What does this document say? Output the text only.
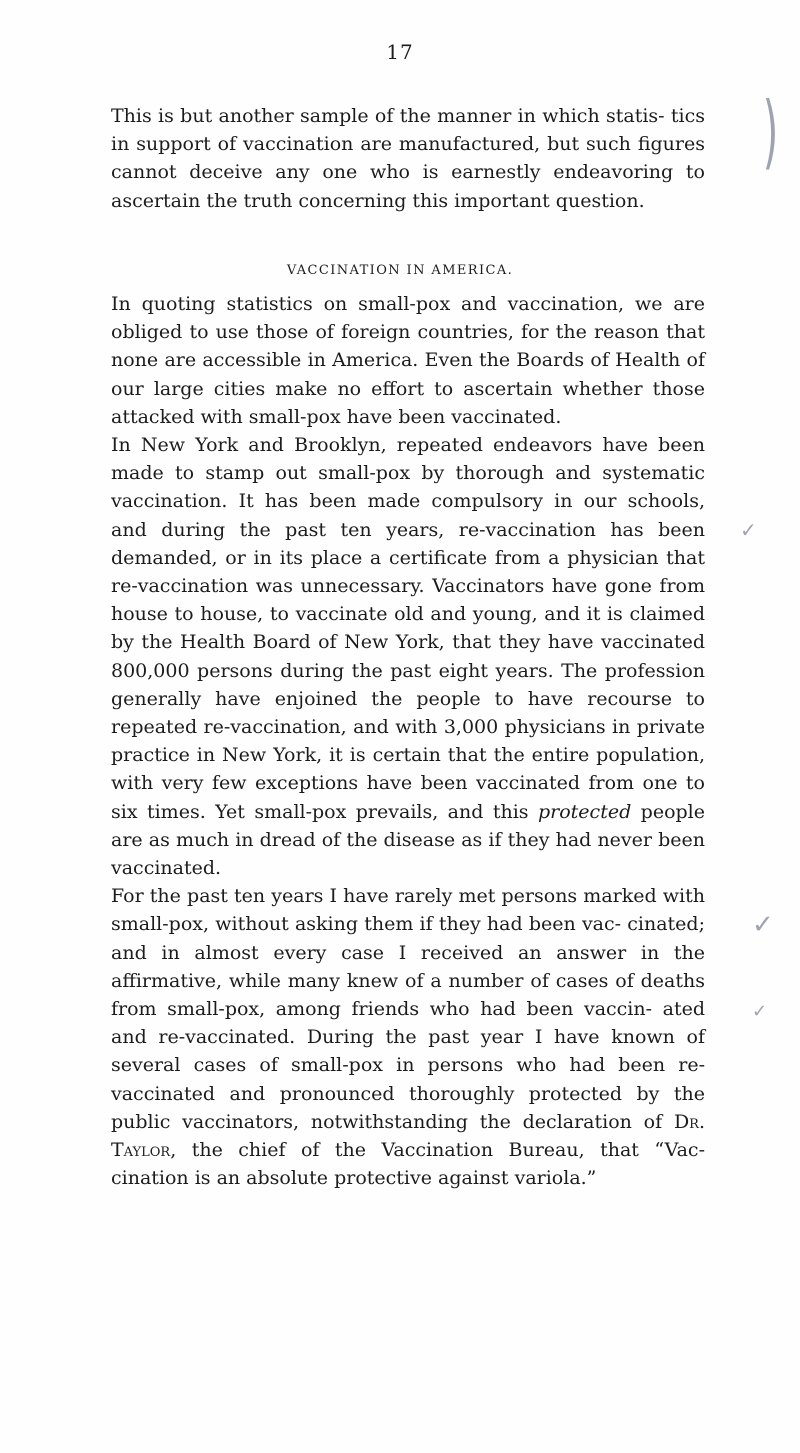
17

This is but another sample of the manner in which statis- tics in support of vaccination are manufactured, but such figures cannot deceive any one who is earnestly endeavoring to ascertain the truth concerning this important question.

VACCINATION IN AMERICA.

In quoting statistics on small-pox and vaccination, we are obliged to use those of foreign countries, for the reason that none are accessible in America. Even the Boards of Health of our large cities make no effort to ascertain whether those attacked with small-pox have been vaccinated.

In New York and Brooklyn, repeated endeavors have been made to stamp out small-pox by thorough and systematic vaccination. It has been made compulsory in our schools, and during the past ten years, re-vaccination has been demanded, or in its place a certificate from a physician that re-vaccination was unnecessary. Vaccinators have gone from house to house, to vaccinate old and young, and it is claimed by the Health Board of New York, that they have vaccinated 800,000 persons during the past eight years. The profession generally have enjoined the people to have recourse to repeated re-vaccination, and with 3,000 physicians in private practice in New York, it is certain that the entire population, with very few exceptions have been vaccinated from one to six times. Yet small-pox prevails, and this protected people are as much in dread of the disease as if they had never been vaccinated.

For the past ten years I have rarely met persons marked with small-pox, without asking them if they had been vac- cinated; and in almost every case I received an answer in the affirmative, while many knew of a number of cases of deaths from small-pox, among friends who had been vaccin- ated and re-vaccinated. During the past year I have known of several cases of small-pox in persons who had been re-vaccinated and pronounced thoroughly protected by the public vaccinators, notwithstanding the declaration of Dr. Taylor, the chief of the Vaccination Bureau, that “Vac- cination is an absolute protective against variola.”

)
✓
✓
✓
